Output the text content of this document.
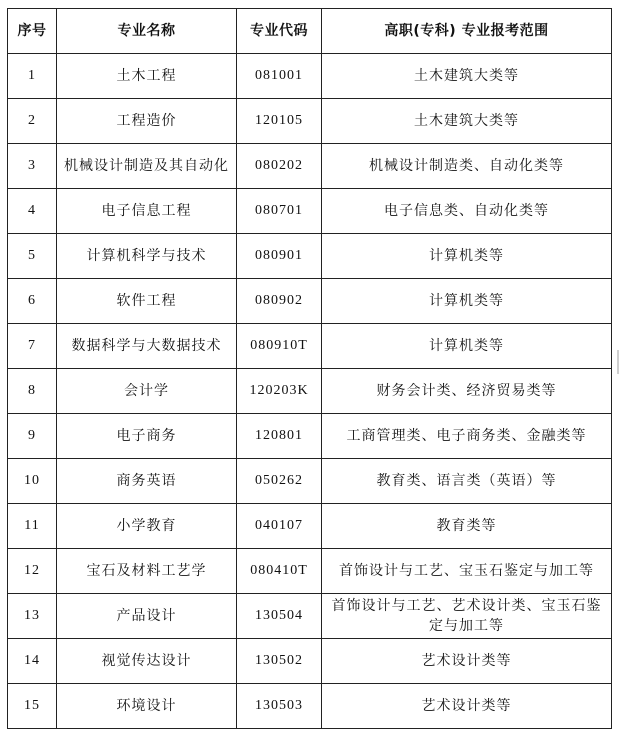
序号	专业名称	专业代码	高职(专科) 专业报考范围
1	土木工程	081001	土木建筑大类等
2	工程造价	120105	土木建筑大类等
3	机械设计制造及其自动化	080202	机械设计制造类、自动化类等
4	电子信息工程	080701	电子信息类、自动化类等
5	计算机科学与技术	080901	计算机类等
6	软件工程	080902	计算机类等
7	数据科学与大数据技术	080910T	计算机类等
8	会计学	120203K	财务会计类、经济贸易类等
9	电子商务	120801	工商管理类、电子商务类、金融类等
10	商务英语	050262	教育类、语言类（英语）等
11	小学教育	040107	教育类等
12	宝石及材料工艺学	080410T	首饰设计与工艺、宝玉石鉴定与加工等
13	产品设计	130504	首饰设计与工艺、艺术设计类、宝玉石鉴定与加工等
14	视觉传达设计	130502	艺术设计类等
15	环境设计	130503	艺术设计类等
